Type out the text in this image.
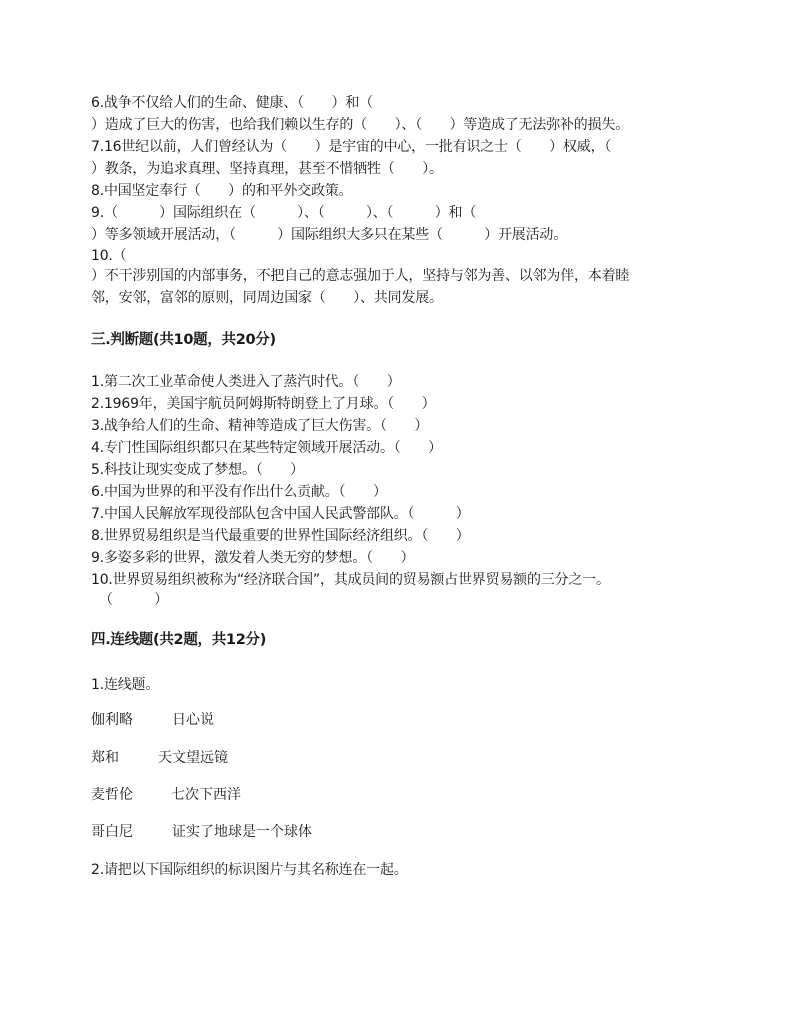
6.战争不仅给人们的生命、健康、（　　）和（

）造成了巨大的伤害，也给我们赖以生存的（　　）、（　　）等造成了无法弥补的损失。

7.16世纪以前，人们曾经认为（　　）是宇宙的中心，一批有识之士（　　）权威，（

）教条，为追求真理、坚持真理，甚至不惜牺牲（　　）。

8.中国坚定奉行（　　）的和平外交政策。

9.（　　　）国际组织在（　　　）、（　　　）、（　　　）和（

）等多领域开展活动，（　　　）国际组织大多只在某些（　　　）开展活动。

10.（

）不干涉别国的内部事务，不把自己的意志强加于人，坚持与邻为善、以邻为伴，本着睦

邻，安邻，富邻的原则，同周边国家（　　）、共同发展。

三.判断题(共10题，共20分)

1.第二次工业革命使人类进入了蒸汽时代。（　　）

2.1969年，美国宇航员阿姆斯特朗登上了月球。（　　）

3.战争给人们的生命、精神等造成了巨大伤害。（　　）

4.专门性国际组织都只在某些特定领域开展活动。（　　）

5.科技让现实变成了梦想。（　　）

6.中国为世界的和平没有作出什么贡献。（　　）

7.中国人民解放军现役部队包含中国人民武警部队。（　　　）

8.世界贸易组织是当代最重要的世界性国际经济组织。（　　）

9.多姿多彩的世界，激发着人类无穷的梦想。（　　）

10.世界贸易组织被称为“经济联合国”，其成员间的贸易额占世界贸易额的三分之一。

（　　　）

四.连线题(共2题，共12分)

1.连线题。

伽利略	日心说
郑和	天文望远镜
麦哲伦	七次下西洋
哥白尼	证实了地球是一个球体

2.请把以下国际组织的标识图片与其名称连在一起。
